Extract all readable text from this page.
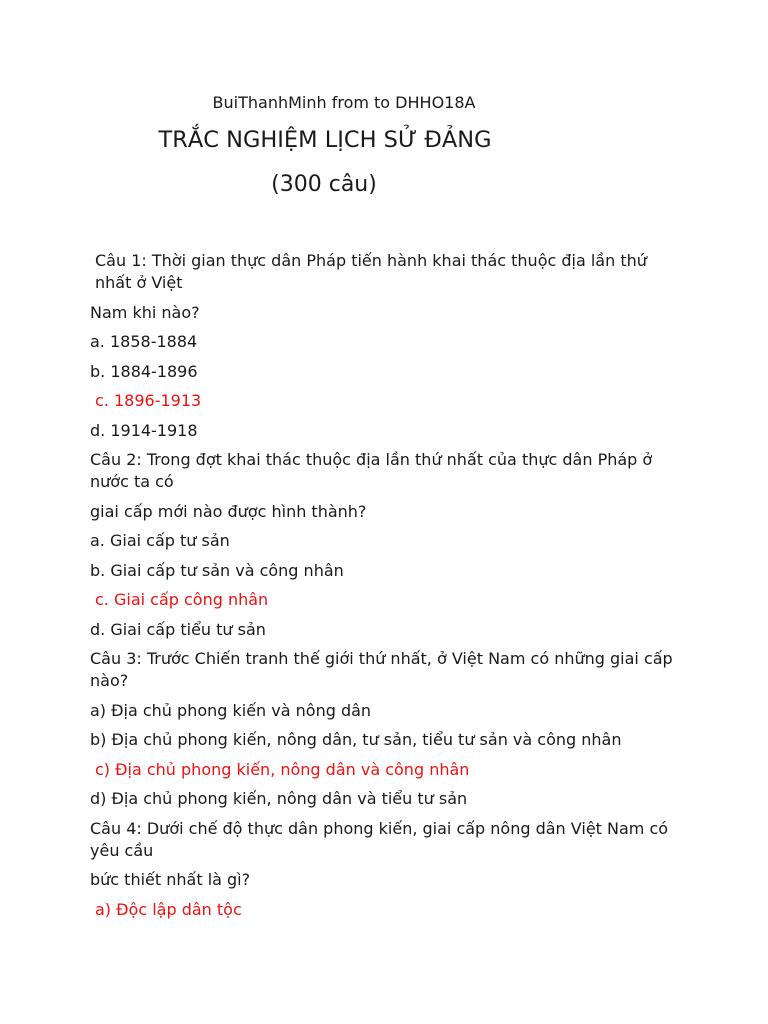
BuiThanhMinh from to DHHO18A
TRẮC NGHIỆM LỊCH SỬ ĐẢNG
(300 câu)
Câu 1: Thời gian thực dân Pháp tiến hành khai thác thuộc địa lần thứ nhất ở Việt
Nam khi nào?
a. 1858-1884
b. 1884-1896
c. 1896-1913
d. 1914-1918
Câu 2: Trong đợt khai thác thuộc địa lần thứ nhất của thực dân Pháp ở nước ta có
giai cấp mới nào được hình thành?
a. Giai cấp tư sản
b. Giai cấp tư sản và công nhân
c. Giai cấp công nhân
d. Giai cấp tiểu tư sản
Câu 3: Trước Chiến tranh thế giới thứ nhất, ở Việt Nam có những giai cấp nào?
a) Địa chủ phong kiến và nông dân
b) Địa chủ phong kiến, nông dân, tư sản, tiểu tư sản và công nhân
c) Địa chủ phong kiến, nông dân và công nhân
d) Địa chủ phong kiến, nông dân và tiểu tư sản
Câu 4: Dưới chế độ thực dân phong kiến, giai cấp nông dân Việt Nam có yêu cầu
bức thiết nhất là gì?
a) Độc lập dân tộc
